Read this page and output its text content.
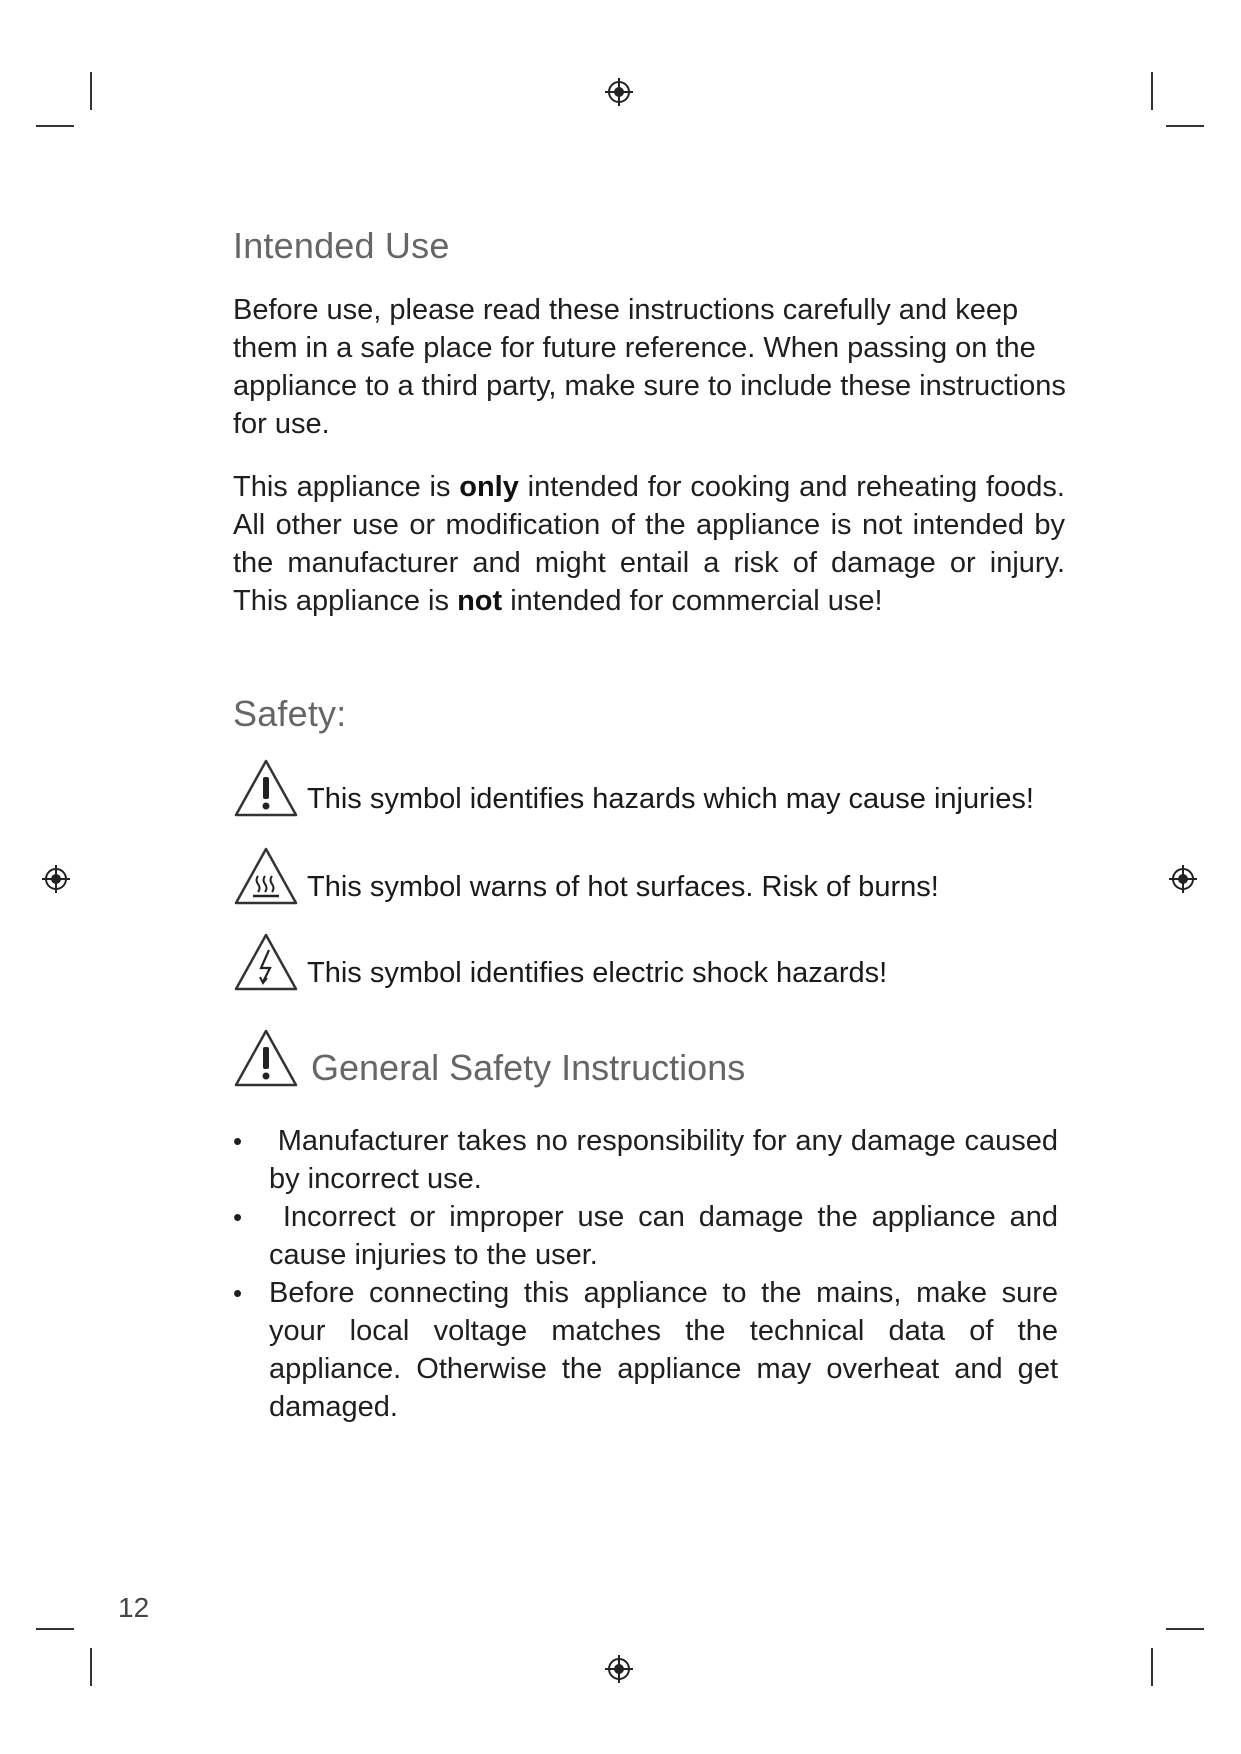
Intended Use

Before use, please read these instructions carefully and keep them in a safe place for future reference. When passing on the appliance to a third party, make sure to include these instructions for use.

This appliance is only intended for cooking and reheating foods. All other use or modification of the appliance is not intended by the manufacturer and might entail a risk of damage or injury. This appliance is not intended for commercial use!

Safety:
This symbol identifies hazards which may cause injuries!
This symbol warns of hot surfaces. Risk of burns!
This symbol identifies electric shock hazards!
General Safety Instructions
• Manufacturer takes no responsibility for any damage caused by incorrect use.
• Incorrect or improper use can damage the appliance and cause injuries to the user.
• Before connecting this appliance to the mains, make sure your local voltage matches the technical data of the appliance. Otherwise the appliance may overheat and get damaged.
12
